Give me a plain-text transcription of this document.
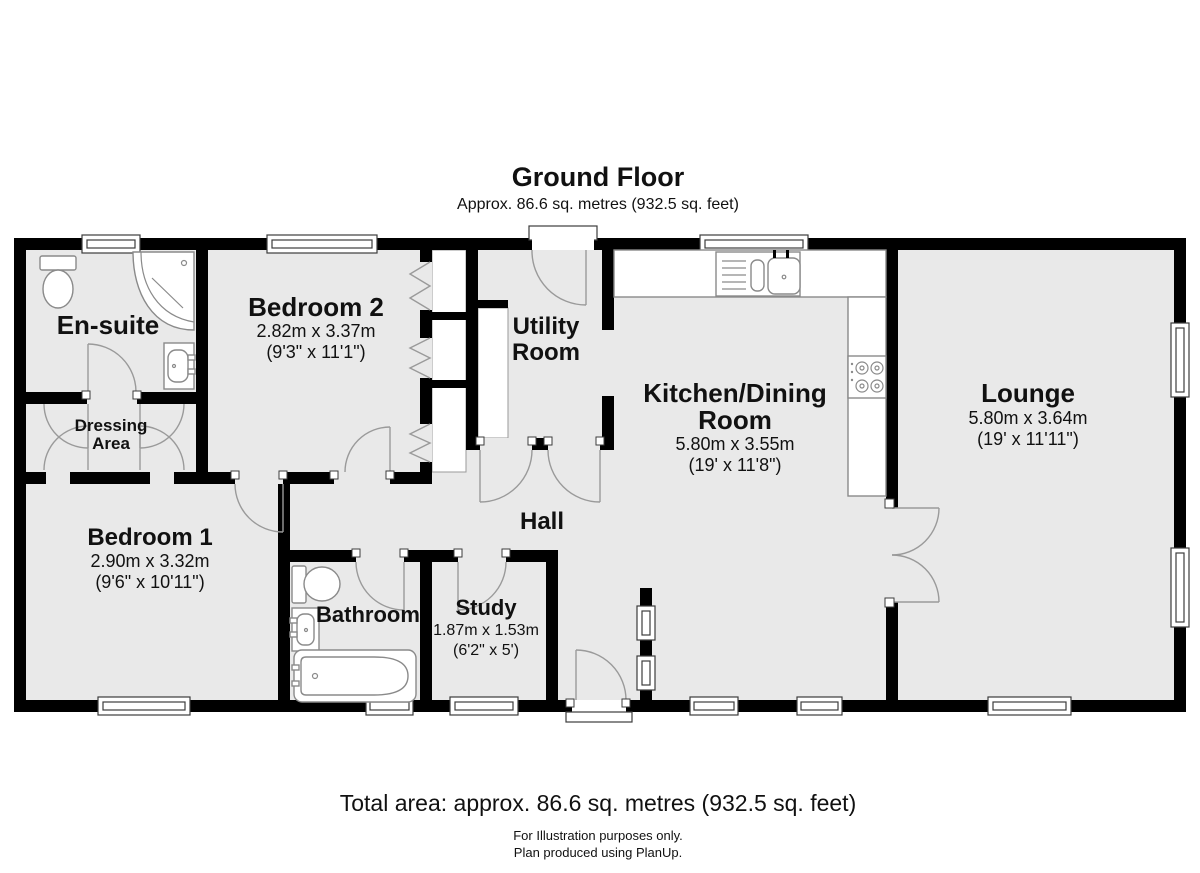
Ground Floor
Approx. 86.6 sq. metres (932.5 sq. feet)
En-suite
Dressing
Area
Bedroom 2
2.82m x 3.37m
(9'3" x 11'1")
Utility
Room
Kitchen/Dining
Room
5.80m x 3.55m
(19' x 11'8")
Lounge
5.80m x 3.64m
(19' x 11'11")
Bedroom 1
2.90m x 3.32m
(9'6" x 10'11")
Hall
Bathroom Study
1.87m x 1.53m
(6'2" x 5')
Total area: approx. 86.6 sq. metres (932.5 sq. feet)
For Illustration purposes only.
Plan produced using PlanUp.
